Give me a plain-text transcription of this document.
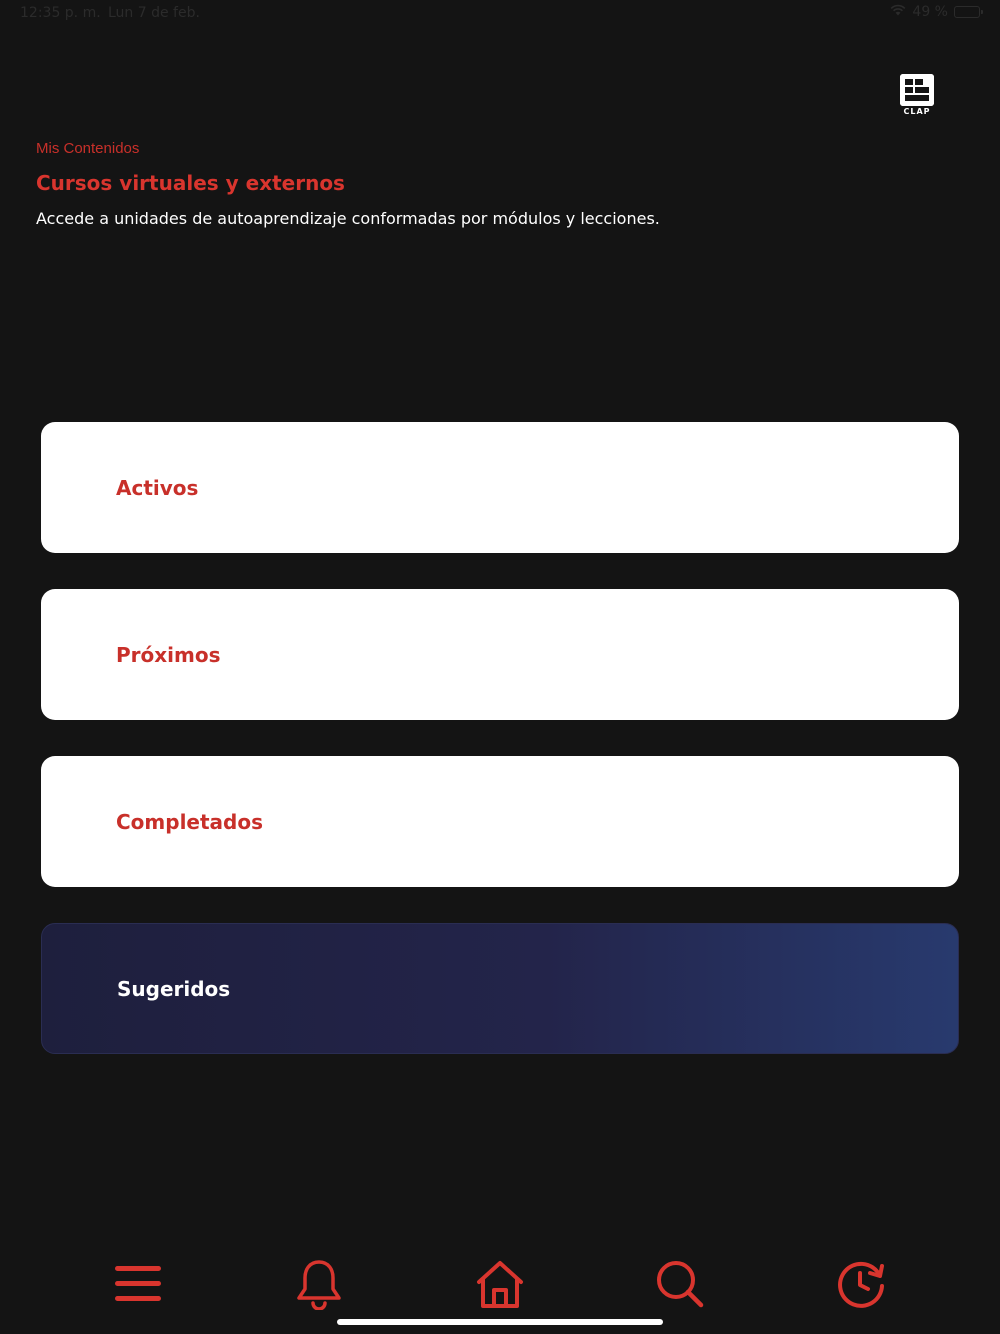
12:35 p. m. Lun 7 de feb.	49 %
CLAP
Mis Contenidos
Cursos virtuales y externos
Accede a unidades de autoaprendizaje conformadas por módulos y lecciones.
Activos
Próximos
Completados
Sugeridos
